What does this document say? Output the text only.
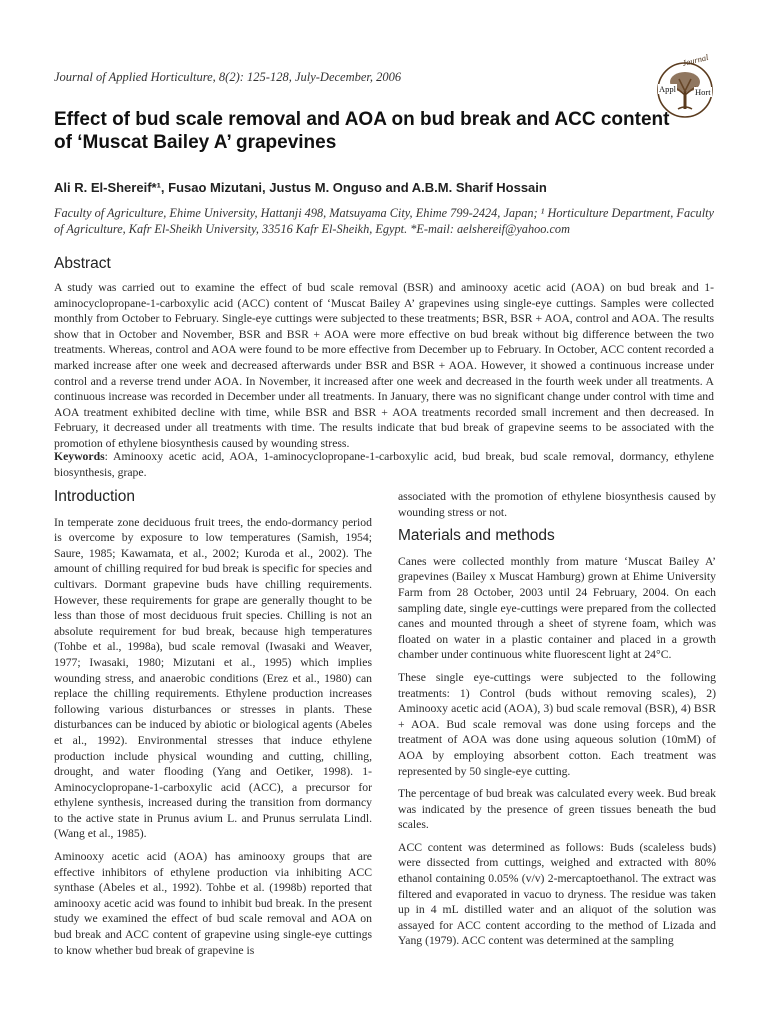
Journal of Applied Horticulture, 8(2): 125-128, July-December, 2006
Journal
Appl Hort
Effect of bud scale removal and AOA on bud break and ACC content of ‘Muscat Bailey A’ grapevines
Ali R. El-Shereif*¹, Fusao Mizutani, Justus M. Onguso and A.B.M. Sharif Hossain
Faculty of Agriculture, Ehime University, Hattanji 498, Matsuyama City, Ehime 799-2424, Japan; ¹ Horticulture Department, Faculty of Agriculture, Kafr El-Sheikh University, 33516 Kafr El-Sheikh, Egypt. *E-mail: aelshereif@yahoo.com
Abstract

A study was carried out to examine the effect of bud scale removal (BSR) and aminooxy acetic acid (AOA) on bud break and 1-aminocyclopropane-1-carboxylic acid (ACC) content of ‘Muscat Bailey A’ grapevines using single-eye cuttings. Samples were collected monthly from October to February. Single-eye cuttings were subjected to these treatments; BSR, BSR + AOA, control and AOA. The results show that in October and November, BSR and BSR + AOA were more effective on bud break without big difference between the two treatments. Whereas, control and AOA were found to be more effective from December up to February. In October, ACC content recorded a marked increase after one week and decreased afterwards under BSR and BSR + AOA. However, it showed a continuous increase under control and a reverse trend under AOA. In November, it increased after one week and decreased in the fourth week under all treatments. A continuous increase was recorded in December under all treatments. In January, there was no significant change under control with time and AOA treatment exhibited decline with time, while BSR and BSR + AOA treatments recorded small increment and then decreased. In February, it decreased under all treatments with time. The results indicate that bud break of grapevine seems to be associated with the promotion of ethylene biosynthesis caused by wounding stress.

Keywords: Aminooxy acetic acid, AOA, 1-aminocyclopropane-1-carboxylic acid, bud break, bud scale removal, dormancy, ethylene biosynthesis, grape.

Introduction

In temperate zone deciduous fruit trees, the endo-dormancy period is overcome by exposure to low temperatures (Samish, 1954; Saure, 1985; Kawamata, et al., 2002; Kuroda et al., 2002). The amount of chilling required for bud break is specific for species and cultivars. Dormant grapevine buds have chilling requirements. However, these requirements for grape are generally thought to be less than those of most deciduous fruit species. Chilling is not an absolute requirement for bud break, because high temperatures (Tohbe et al., 1998a), bud scale removal (Iwasaki and Weaver, 1977; Iwasaki, 1980; Mizutani et al., 1995) which implies wounding stress, and anaerobic conditions (Erez et al., 1980) can replace the chilling requirements. Ethylene production increases following various disturbances or stresses in plants. These disturbances can be induced by abiotic or biological agents (Abeles et al., 1992). Environmental stresses that induce ethylene production include physical wounding and cutting, chilling, drought, and water flooding (Yang and Oetiker, 1998). 1-Aminocyclopropane-1-carboxylic acid (ACC), a precursor for ethylene synthesis, increased during the transition from dormancy to the active state in Prunus avium L. and Prunus serrulata Lindl. (Wang et al., 1985).

Aminooxy acetic acid (AOA) has aminooxy groups that are effective inhibitors of ethylene production via inhibiting ACC synthase (Abeles et al., 1992). Tohbe et al. (1998b) reported that aminooxy acetic acid was found to inhibit bud break. In the present study we examined the effect of bud scale removal and AOA on bud break and ACC content of grapevine using single-eye cuttings to know whether bud break of grapevine is

associated with the promotion of ethylene biosynthesis caused by wounding stress or not.

Materials and methods

Canes were collected monthly from mature ‘Muscat Bailey A’ grapevines (Bailey x Muscat Hamburg) grown at Ehime University Farm from 28 October, 2003 until 24 February, 2004. On each sampling date, single eye-cuttings were prepared from the collected canes and mounted through a sheet of styrene foam, which was floated on water in a plastic container and placed in a growth chamber under continuous white fluorescent light at 24°C.

These single eye-cuttings were subjected to the following treatments: 1) Control (buds without removing scales), 2) Aminooxy acetic acid (AOA), 3) bud scale removal (BSR), 4) BSR + AOA. Bud scale removal was done using forceps and the treatment of AOA was done using aqueous solution (10mM) of AOA by employing absorbent cotton. Each treatment was represented by 50 single-eye cutting.

The percentage of bud break was calculated every week. Bud break was indicated by the presence of green tissues beneath the bud scales.

ACC content was determined as follows: Buds (scaleless buds) were dissected from cuttings, weighed and extracted with 80% ethanol containing 0.05% (v/v) 2-mercaptoethanol. The extract was filtered and evaporated in vacuo to dryness. The residue was taken up in 4 mL distilled water and an aliquot of the solution was assayed for ACC content according to the method of Lizada and Yang (1979). ACC content was determined at the sampling
